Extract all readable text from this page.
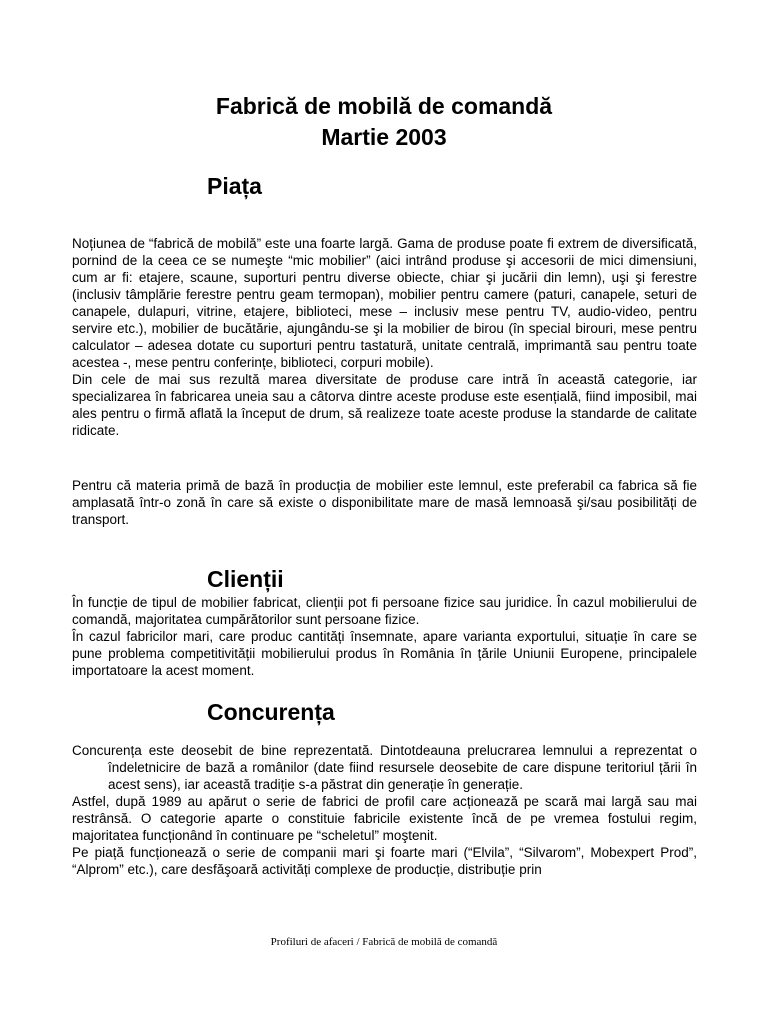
Fabrică de mobilă de comandă
Martie 2003
Piața

Noțiunea de “fabrică de mobilă” este una foarte largă. Gama de produse poate fi extrem de diversificată, pornind de la ceea ce se numeşte “mic mobilier” (aici intrând produse şi accesorii de mici dimensiuni, cum ar fi: etajere, scaune, suporturi pentru diverse obiecte, chiar şi jucării din lemn), uşi şi ferestre (inclusiv tâmplărie ferestre pentru geam termopan), mobilier pentru camere (paturi, canapele, seturi de canapele, dulapuri, vitrine, etajere, biblioteci, mese – inclusiv mese pentru TV, audio-video, pentru servire etc.), mobilier de bucătărie, ajungându-se şi la mobilier de birou (în special birouri, mese pentru calculator – adesea dotate cu suporturi pentru tastatură, unitate centrală, imprimantă sau pentru toate acestea -, mese pentru conferințe, biblioteci, corpuri mobile).

Din cele de mai sus rezultă marea diversitate de produse care intră în această categorie, iar specializarea în fabricarea uneia sau a câtorva dintre aceste produse este esențială, fiind imposibil, mai ales pentru o firmă aflată la început de drum, să realizeze toate aceste produse la standarde de calitate ridicate.

Pentru că materia primă de bază în producția de mobilier este lemnul, este preferabil ca fabrica să fie amplasată într-o zonă în care să existe o disponibilitate mare de masă lemnoasă şi/sau posibilități de transport.

Clienții

În funcție de tipul de mobilier fabricat, clienții pot fi persoane fizice sau juridice. În cazul mobilierului de comandă, majoritatea cumpărătorilor sunt persoane fizice.

În cazul fabricilor mari, care produc cantități însemnate, apare varianta exportului, situație în care se pune problema competitivității mobilierului produs în România în țările Uniunii Europene, principalele importatoare la acest moment.

Concurența

Concurența este deosebit de bine reprezentată. Dintotdeauna prelucrarea lemnului a reprezentat o îndeletnicire de bază a românilor (date fiind resursele deosebite de care dispune teritoriul țării în acest sens), iar această tradiție s-a păstrat din generație în generație.

Astfel, după 1989 au apărut o serie de fabrici de profil care acționează pe scară mai largă sau mai restrânsă. O categorie aparte o constituie fabricile existente încă de pe vremea fostului regim, majoritatea funcționând în continuare pe “scheletul” moştenit.

Pe piață funcționează o serie de companii mari şi foarte mari (“Elvila”, “Silvarom”, Mobexpert Prod”, “Alprom” etc.), care desfăşoară activități complexe de producție, distribuție prin

Profiluri de afaceri / Fabrică de mobilă de comandă
